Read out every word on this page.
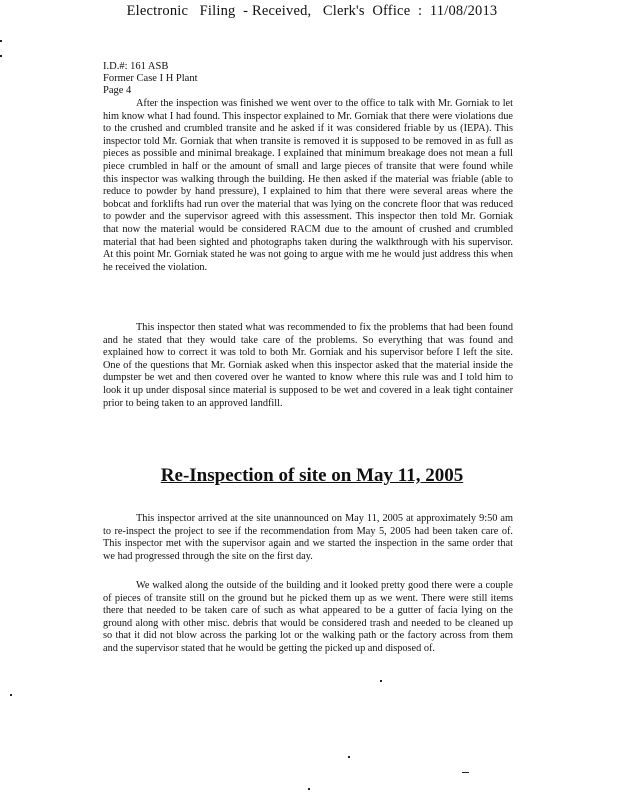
Electronic   Filing  - Received,   Clerk's  Office  :  11/08/2013
I.D.#: 161 ASB
Former Case I H Plant
Page 4

After the inspection was finished we went over to the office to talk with Mr. Gorniak to let him know what I had found. This inspector explained to Mr. Gorniak that there were violations due to the crushed and crumbled transite and he asked if it was considered friable by us (IEPA). This inspector told Mr. Gorniak that when transite is removed it is supposed to be removed in as full as pieces as possible and minimal breakage. I explained that minimum breakage does not mean a full piece crumbled in half or the amount of small and large pieces of transite that were found while this inspector was walking through the building. He then asked if the material was friable (able to reduce to powder by hand pressure), I explained to him that there were several areas where the bobcat and forklifts had run over the material that was lying on the concrete floor that was reduced to powder and the supervisor agreed with this assessment. This inspector then told Mr. Gorniak that now the material would be considered RACM due to the amount of crushed and crumbled material that had been sighted and photographs taken during the walkthrough with his supervisor. At this point Mr. Gorniak stated he was not going to argue with me he would just address this when he received the violation.

This inspector then stated what was recommended to fix the problems that had been found and he stated that they would take care of the problems. So everything that was found and explained how to correct it was told to both Mr. Gorniak and his supervisor before I left the site. One of the questions that Mr. Gorniak asked when this inspector asked that the material inside the dumpster be wet and then covered over he wanted to know where this rule was and I told him to look it up under disposal since material is supposed to be wet and covered in a leak tight container prior to being taken to an approved landfill.

Re-Inspection of site on May 11, 2005

This inspector arrived at the site unannounced on May 11, 2005 at approximately 9:50 am to re-inspect the project to see if the recommendation from May 5, 2005 had been taken care of. This inspector met with the supervisor again and we started the inspection in the same order that we had progressed through the site on the first day.

We walked along the outside of the building and it looked pretty good there were a couple of pieces of transite still on the ground but he picked them up as we went. There were still items there that needed to be taken care of such as what appeared to be a gutter of facia lying on the ground along with other misc. debris that would be considered trash and needed to be cleaned up so that it did not blow across the parking lot or the walking path or the factory across from them and the supervisor stated that he would be getting the picked up and disposed of.
